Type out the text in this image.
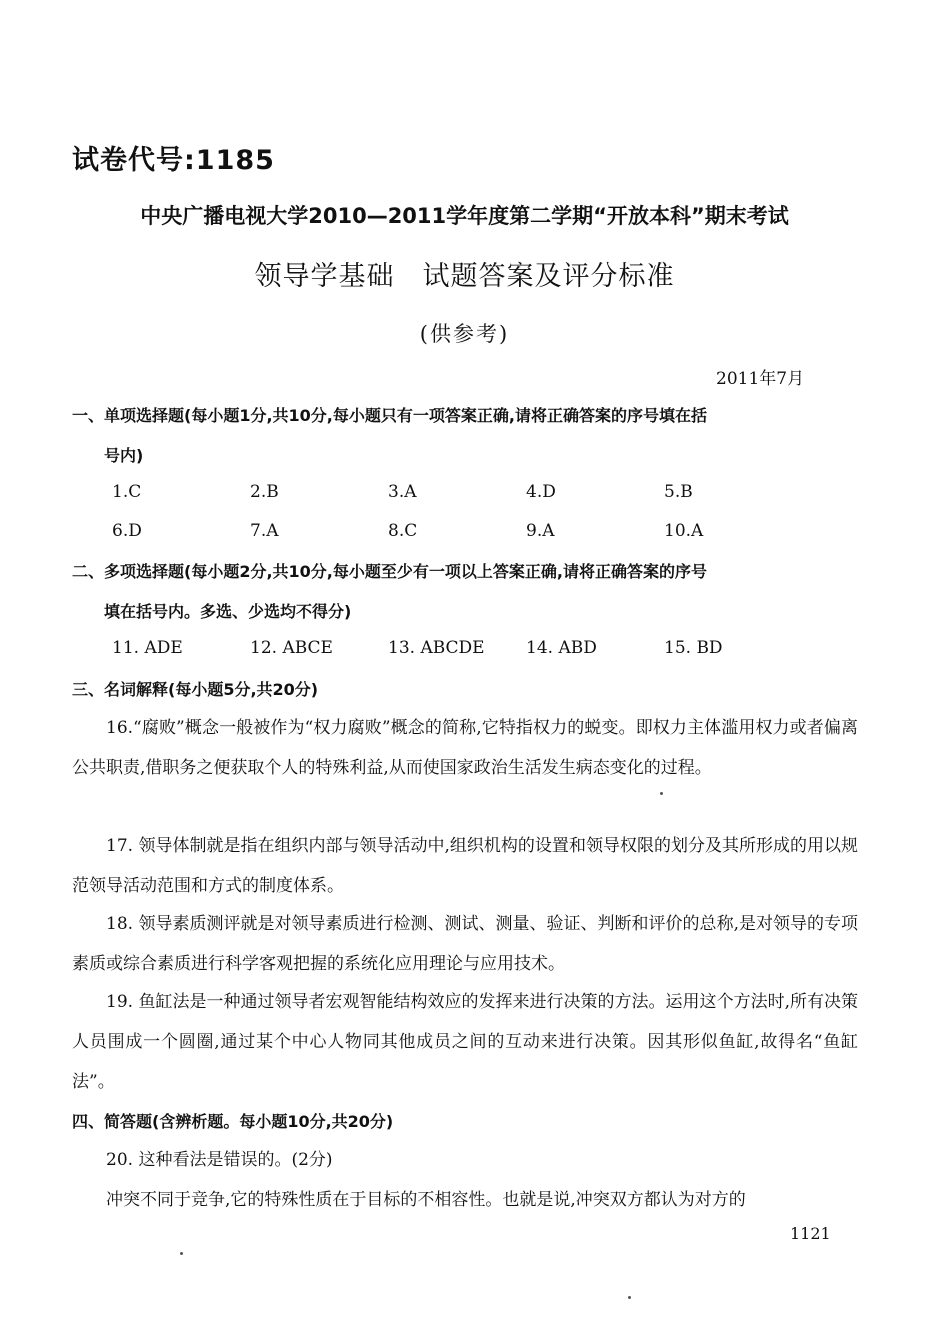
试卷代号:1185
中央广播电视大学2010—2011学年度第二学期“开放本科”期末考试
领导学基础　试题答案及评分标准
(供参考)
2011年7月
一、单项选择题(每小题1分,共10分,每小题只有一项答案正确,请将正确答案的序号填在括
号内)
1.C	2.B	3.A	4.D	5.B
6.D	7.A	8.C	9.A	10.A
二、多项选择题(每小题2分,共10分,每小题至少有一项以上答案正确,请将正确答案的序号
填在括号内。多选、少选均不得分)
11. ADE	12. ABCE	13. ABCDE 14. ABD	15. BD
三、名词解释(每小题5分,共20分)
16.“腐败”概念一般被作为“权力腐败”概念的简称,它特指权力的蜕变。即权力主体滥用权力或者偏离公共职责,借职务之便获取个人的特殊利益,从而使国家政治生活发生病态变化的过程。
17. 领导体制就是指在组织内部与领导活动中,组织机构的设置和领导权限的划分及其所形成的用以规范领导活动范围和方式的制度体系。
18. 领导素质测评就是对领导素质进行检测、测试、测量、验证、判断和评价的总称,是对领导的专项素质或综合素质进行科学客观把握的系统化应用理论与应用技术。
19. 鱼缸法是一种通过领导者宏观智能结构效应的发挥来进行决策的方法。运用这个方法时,所有决策人员围成一个圆圈,通过某个中心人物同其他成员之间的互动来进行决策。因其形似鱼缸,故得名“鱼缸法”。
四、简答题(含辨析题。每小题10分,共20分)
20. 这种看法是错误的。(2分)
冲突不同于竞争,它的特殊性质在于目标的不相容性。也就是说,冲突双方都认为对方的
1121
